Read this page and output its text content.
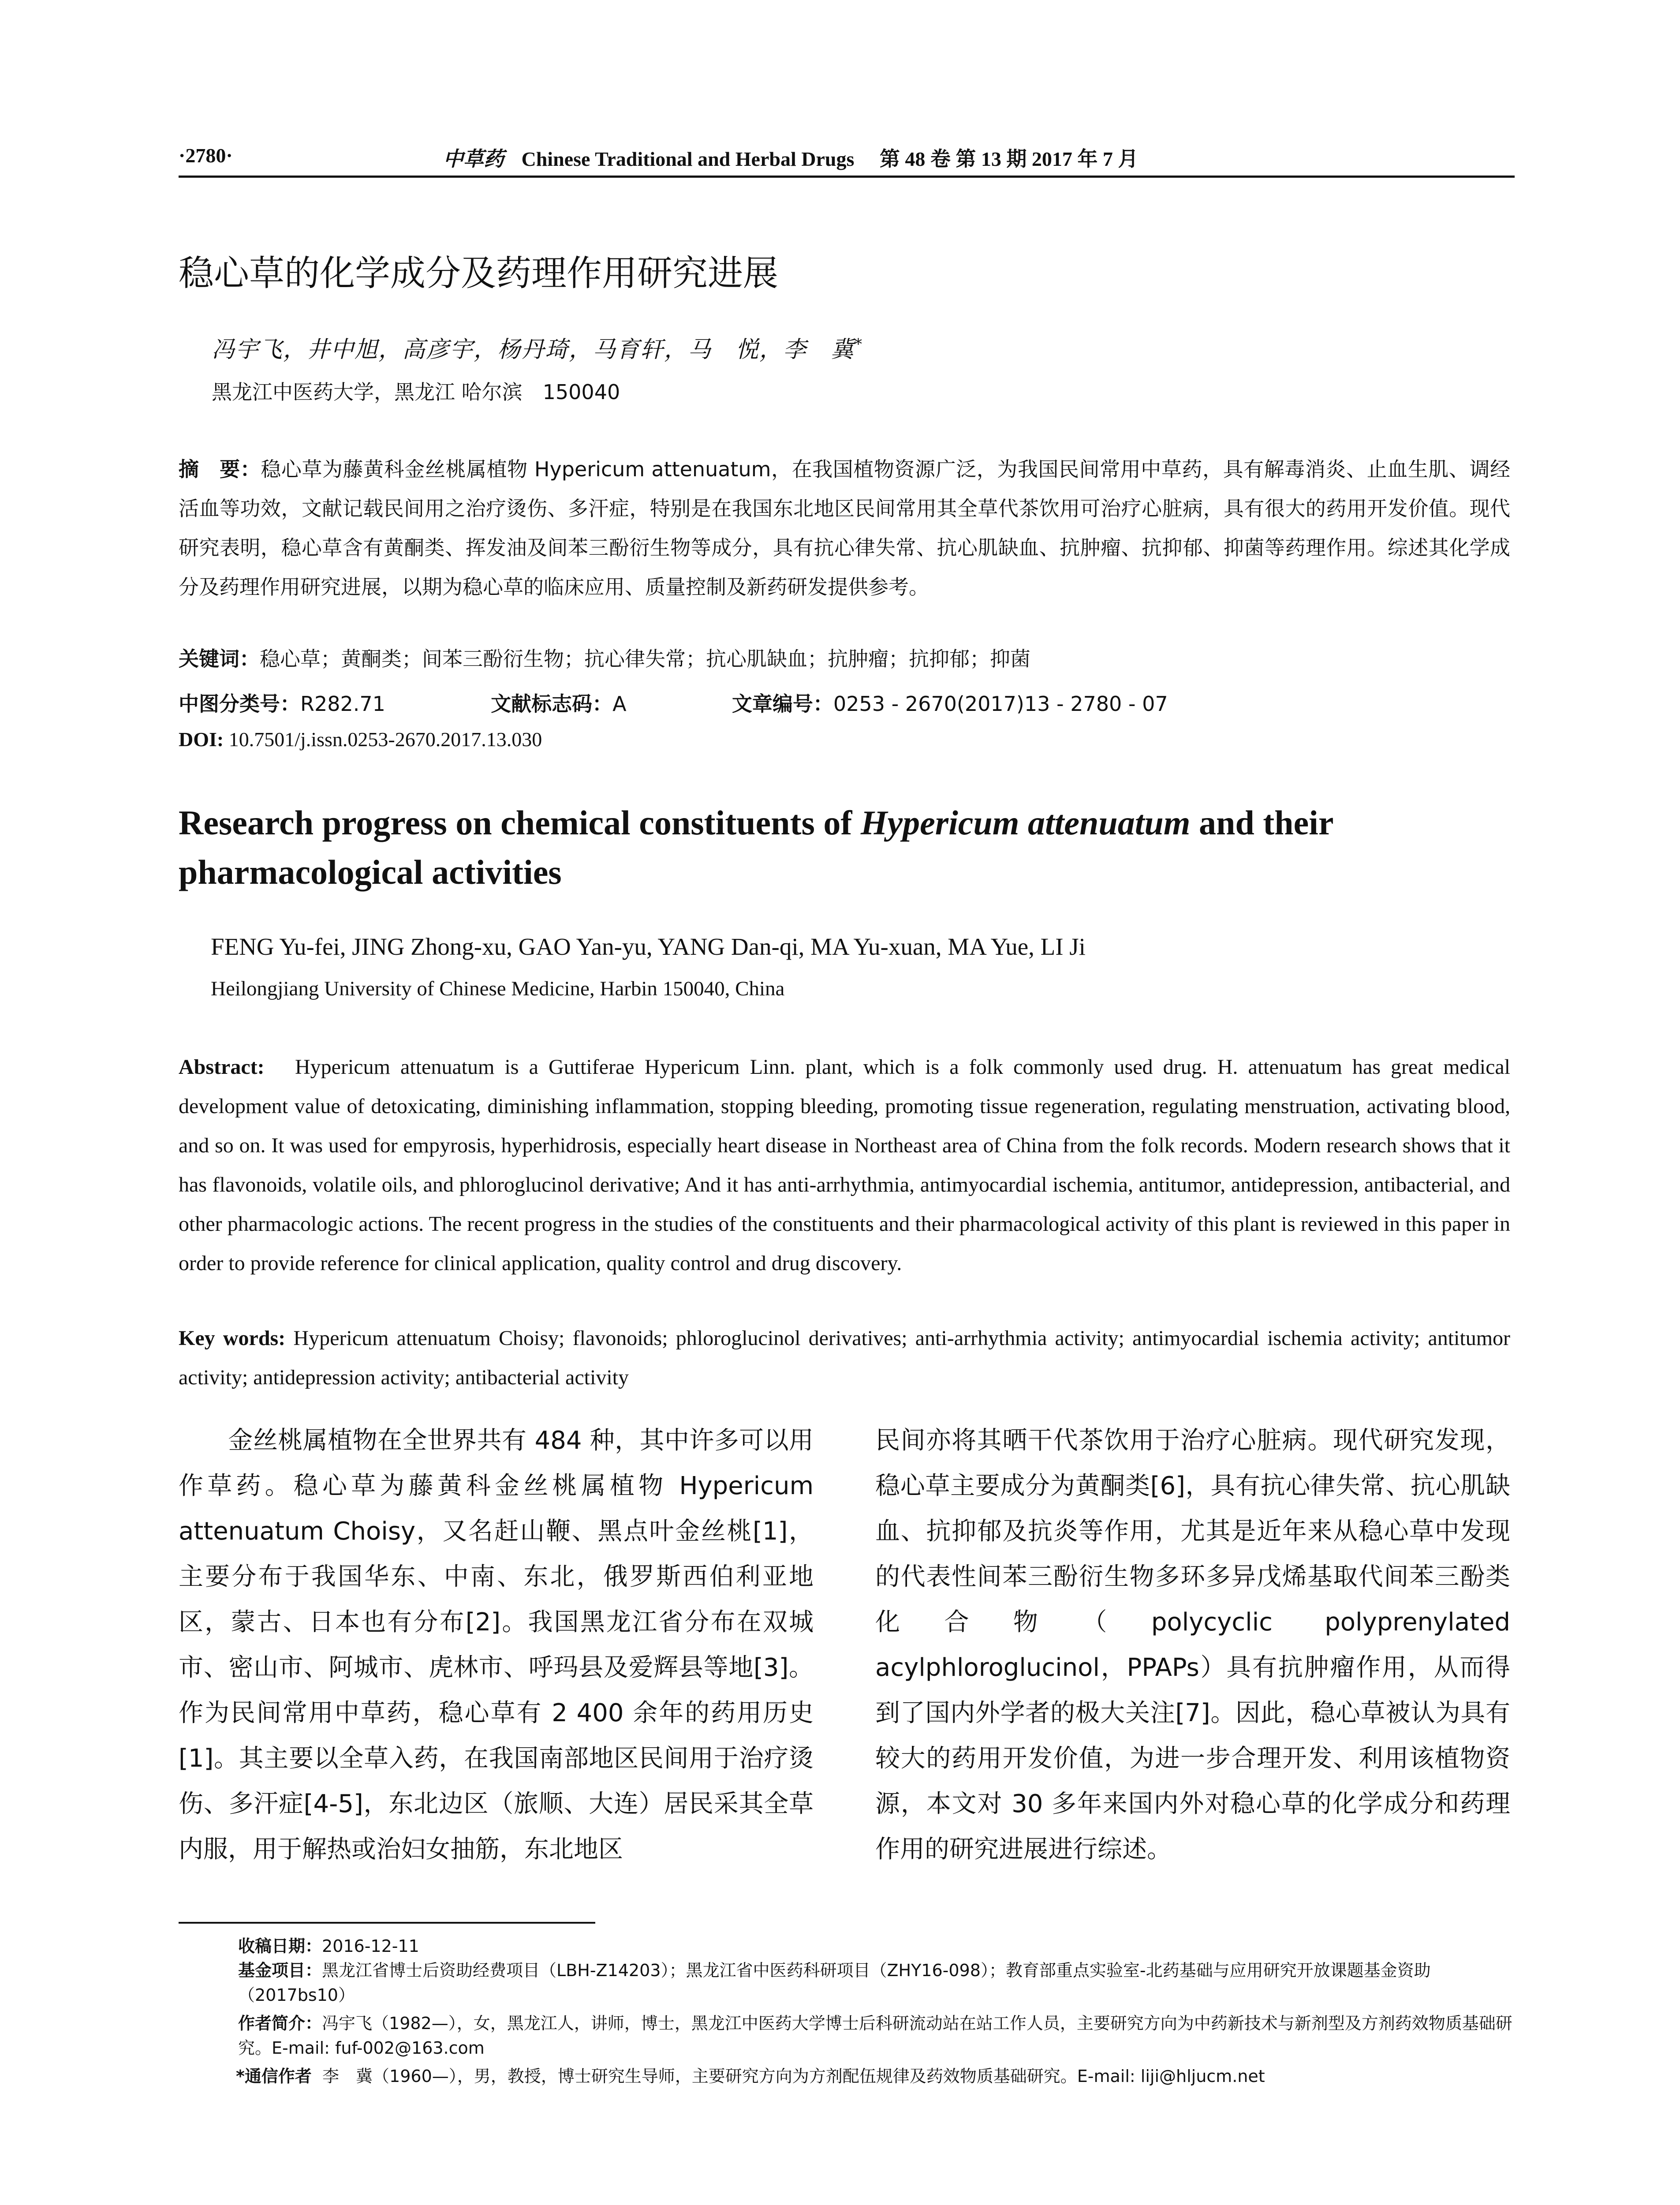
·2780·	中草药 Chinese Traditional and Herbal Drugs 第 48 卷 第 13 期 2017 年 7 月
稳心草的化学成分及药理作用研究进展
冯宇飞，井中旭，高彦宇，杨丹琦，马育轩，马　悦，李　冀*
黑龙江中医药大学，黑龙江 哈尔滨　150040
摘　要：稳心草为藤黄科金丝桃属植物 Hypericum attenuatum，在我国植物资源广泛，为我国民间常用中草药，具有解毒消炎、止血生肌、调经活血等功效，文献记载民间用之治疗烫伤、多汗症，特别是在我国东北地区民间常用其全草代茶饮用可治疗心脏病，具有很大的药用开发价值。现代研究表明，稳心草含有黄酮类、挥发油及间苯三酚衍生物等成分，具有抗心律失常、抗心肌缺血、抗肿瘤、抗抑郁、抑菌等药理作用。综述其化学成分及药理作用研究进展，以期为稳心草的临床应用、质量控制及新药研发提供参考。
关键词：稳心草；黄酮类；间苯三酚衍生物；抗心律失常；抗心肌缺血；抗肿瘤；抗抑郁；抑菌
中图分类号：R282.71	文献标志码：A	文章编号：0253 - 2670(2017)13 - 2780 - 07
DOI: 10.7501/j.issn.0253-2670.2017.13.030
Research progress on chemical constituents of Hypericum attenuatum and their pharmacological activities
FENG Yu-fei, JING Zhong-xu, GAO Yan-yu, YANG Dan-qi, MA Yu-xuan, MA Yue, LI Ji
Heilongjiang University of Chinese Medicine, Harbin 150040, China
Abstract: Hypericum attenuatum is a Guttiferae Hypericum Linn. plant, which is a folk commonly used drug. H. attenuatum has great medical development value of detoxicating, diminishing inflammation, stopping bleeding, promoting tissue regeneration, regulating menstruation, activating blood, and so on. It was used for empyrosis, hyperhidrosis, especially heart disease in Northeast area of China from the folk records. Modern research shows that it has flavonoids, volatile oils, and phloroglucinol derivative; And it has anti-arrhythmia, antimyocardial ischemia, antitumor, antidepression, antibacterial, and other pharmacologic actions. The recent progress in the studies of the constituents and their pharmacological activity of this plant is reviewed in this paper in order to provide reference for clinical application, quality control and drug discovery.
Key words: Hypericum attenuatum Choisy; flavonoids; phloroglucinol derivatives; anti-arrhythmia activity; antimyocardial ischemia activity; antitumor activity; antidepression activity; antibacterial activity
金丝桃属植物在全世界共有 484 种，其中许多可以用作草药。稳心草为藤黄科金丝桃属植物 Hypericum attenuatum Choisy，又名赶山鞭、黑点叶金丝桃[1]，主要分布于我国华东、中南、东北，俄罗斯西伯利亚地区，蒙古、日本也有分布[2]。我国黑龙江省分布在双城市、密山市、阿城市、虎林市、呼玛县及爱辉县等地[3]。作为民间常用中草药，稳心草有 2 400 余年的药用历史[1]。其主要以全草入药，在我国南部地区民间用于治疗烫伤、多汗症[4-5]，东北边区（旅顺、大连）居民采其全草内服，用于解热或治妇女抽筋，东北地区
民间亦将其晒干代茶饮用于治疗心脏病。现代研究发现，稳心草主要成分为黄酮类[6]，具有抗心律失常、抗心肌缺血、抗抑郁及抗炎等作用，尤其是近年来从稳心草中发现的代表性间苯三酚衍生物多环多异戊烯基取代间苯三酚类化合物（polycyclic polyprenylated acylphloroglucinol，PPAPs）具有抗肿瘤作用，从而得到了国内外学者的极大关注[7]。因此，稳心草被认为具有较大的药用开发价值，为进一步合理开发、利用该植物资源，本文对 30 多年来国内外对稳心草的化学成分和药理作用的研究进展进行综述。
收稿日期：2016-12-11
基金项目：黑龙江省博士后资助经费项目（LBH-Z14203）；黑龙江省中医药科研项目（ZHY16-098）；教育部重点实验室-北药基础与应用研究开放课题基金资助（2017bs10）
作者简介：冯宇飞（1982—），女，黑龙江人，讲师，博士，黑龙江中医药大学博士后科研流动站在站工作人员，主要研究方向为中药新技术与新剂型及方剂药效物质基础研究。E-mail: fuf-002@163.com
*通信作者 李　冀（1960—），男，教授，博士研究生导师，主要研究方向为方剂配伍规律及药效物质基础研究。E-mail: liji@hljucm.net
